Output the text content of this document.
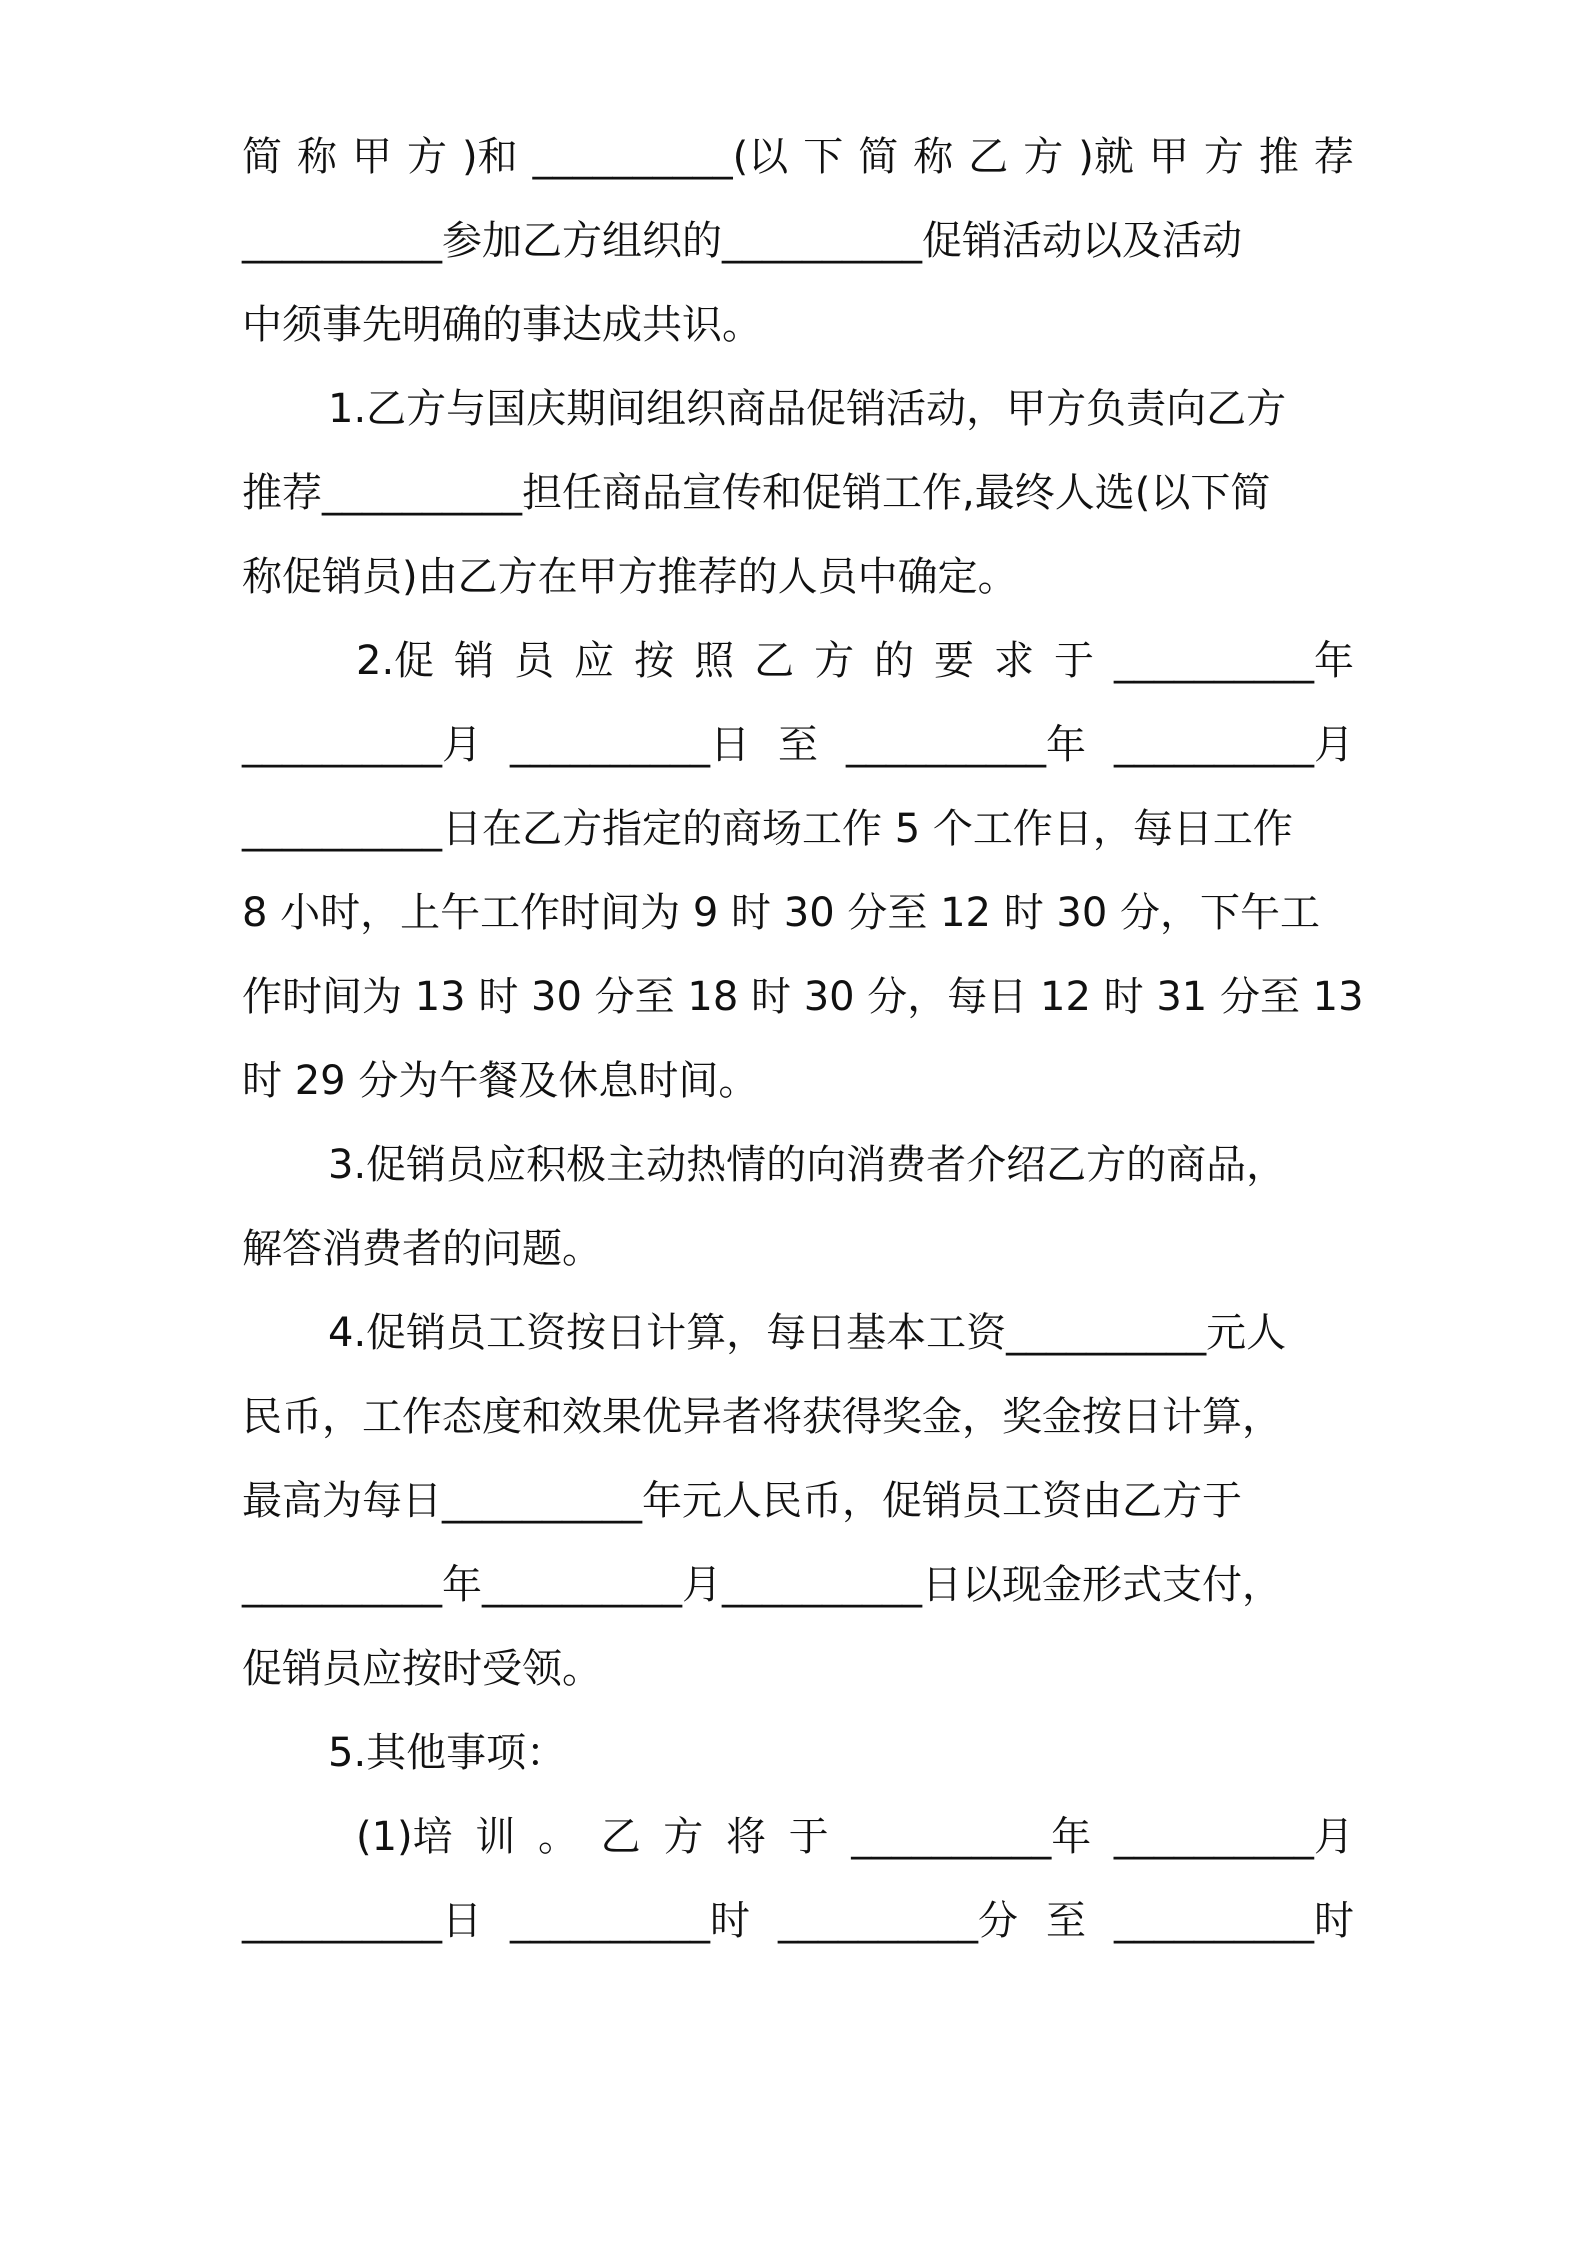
简 称 甲 方 )和 __________(以 下 简 称 乙 方 )就 甲 方 推 荐
__________参加乙方组织的__________促销活动以及活动
中须事先明确的事达成共识。
1.乙方与国庆期间组织商品促销活动，甲方负责向乙方
推荐__________担任商品宣传和促销工作,最终人选(以下简
称促销员)由乙方在甲方推荐的人员中确定。
2.促 销 员 应 按 照 乙 方 的 要 求 于 __________年
__________月 __________日 至 __________年 __________月
__________日在乙方指定的商场工作 5 个工作日，每日工作
8 小时，上午工作时间为 9 时 30 分至 12 时 30 分，下午工
作时间为 13 时 30 分至 18 时 30 分，每日 12 时 31 分至 13
时 29 分为午餐及休息时间。
3.促销员应积极主动热情的向消费者介绍乙方的商品，
解答消费者的问题。
4.促销员工资按日计算，每日基本工资__________元人
民币，工作态度和效果优异者将获得奖金，奖金按日计算，
最高为每日__________年元人民币，促销员工资由乙方于
__________年__________月__________日以现金形式支付，
促销员应按时受领。
5.其他事项：
(1)培 训 。 乙 方 将 于 __________年 __________月
__________日 __________时 __________分 至 __________时
